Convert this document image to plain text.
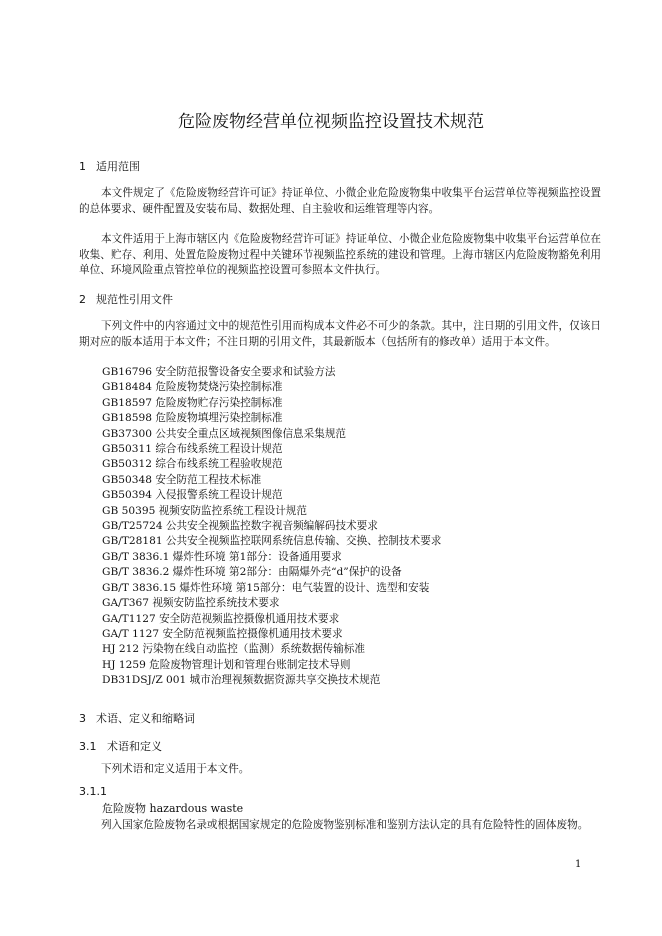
危险废物经营单位视频监控设置技术规范
1 适用范围

本文件规定了《危险废物经营许可证》持证单位、小微企业危险废物集中收集平台运营单位等视频监控设置的总体要求、硬件配置及安装布局、数据处理、自主验收和运维管理等内容。

本文件适用于上海市辖区内《危险废物经营许可证》持证单位、小微企业危险废物集中收集平台运营单位在收集、贮存、利用、处置危险废物过程中关键环节视频监控系统的建设和管理。上海市辖区内危险废物豁免利用单位、环境风险重点管控单位的视频监控设置可参照本文件执行。

2 规范性引用文件

下列文件中的内容通过文中的规范性引用而构成本文件必不可少的条款。其中，注日期的引用文件，仅该日期对应的版本适用于本文件；不注日期的引用文件，其最新版本（包括所有的修改单）适用于本文件。

GB16796 安全防范报警设备安全要求和试验方法
GB18484 危险废物焚烧污染控制标准
GB18597 危险废物贮存污染控制标准
GB18598 危险废物填埋污染控制标准
GB37300 公共安全重点区域视频图像信息采集规范
GB50311 综合布线系统工程设计规范
GB50312 综合布线系统工程验收规范
GB50348 安全防范工程技术标准
GB50394 入侵报警系统工程设计规范
GB 50395 视频安防监控系统工程设计规范
GB/T25724 公共安全视频监控数字视音频编解码技术要求
GB/T28181 公共安全视频监控联网系统信息传输、交换、控制技术要求
GB/T 3836.1 爆炸性环境 第1部分：设备通用要求
GB/T 3836.2 爆炸性环境 第2部分：由隔爆外壳“d”保护的设备
GB/T 3836.15 爆炸性环境 第15部分：电气装置的设计、选型和安装
GA/T367 视频安防监控系统技术要求
GA/T1127 安全防范视频监控摄像机通用技术要求
GA/T 1127 安全防范视频监控摄像机通用技术要求
HJ 212 污染物在线自动监控（监测）系统数据传输标准
HJ 1259 危险废物管理计划和管理台账制定技术导则
DB31DSJ/Z 001 城市治理视频数据资源共享交换技术规范
3 术语、定义和缩略词
3.1 术语和定义

下列术语和定义适用于本文件。

3.1.1
危险废物 hazardous waste

列入国家危险废物名录或根据国家规定的危险废物鉴别标准和鉴别方法认定的具有危险特性的固体废物。

1
